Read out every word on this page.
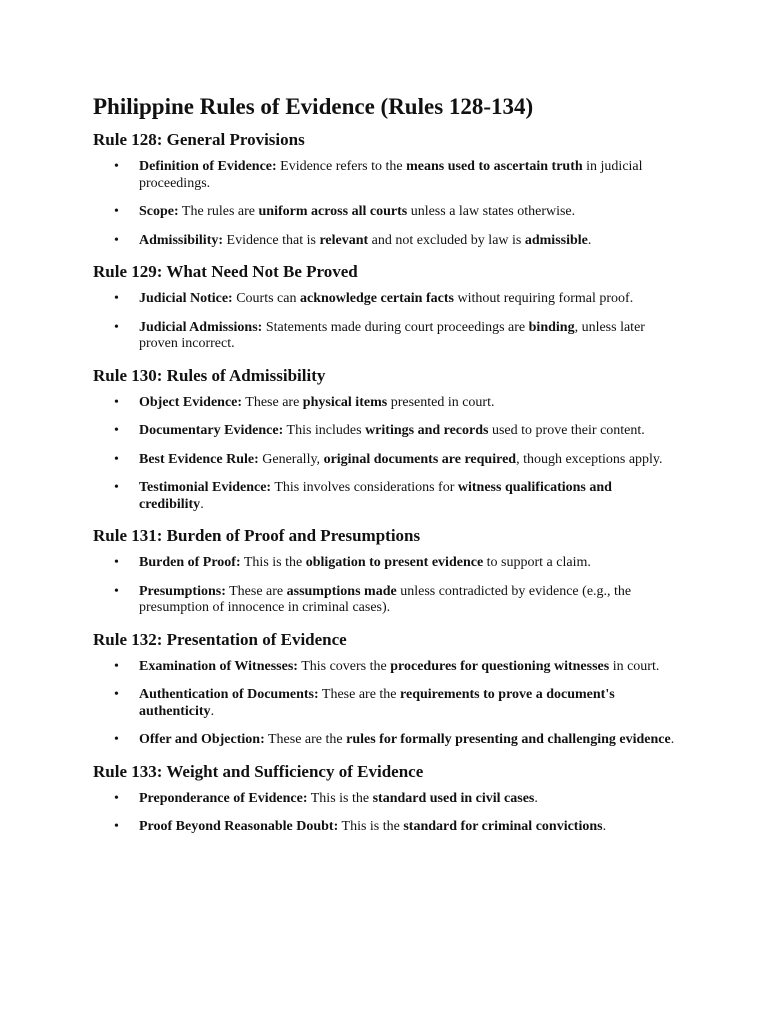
Philippine Rules of Evidence (Rules 128-134)
Rule 128: General Provisions
• Definition of Evidence: Evidence refers to the means used to ascertain truth in judicial proceedings.
• Scope: The rules are uniform across all courts unless a law states otherwise.
• Admissibility: Evidence that is relevant and not excluded by law is admissible.
Rule 129: What Need Not Be Proved
• Judicial Notice: Courts can acknowledge certain facts without requiring formal proof.
• Judicial Admissions: Statements made during court proceedings are binding, unless later proven incorrect.
Rule 130: Rules of Admissibility
• Object Evidence: These are physical items presented in court.
• Documentary Evidence: This includes writings and records used to prove their content.
• Best Evidence Rule: Generally, original documents are required, though exceptions apply.
• Testimonial Evidence: This involves considerations for witness qualifications and credibility.
Rule 131: Burden of Proof and Presumptions
• Burden of Proof: This is the obligation to present evidence to support a claim.
• Presumptions: These are assumptions made unless contradicted by evidence (e.g., the presumption of innocence in criminal cases).
Rule 132: Presentation of Evidence
• Examination of Witnesses: This covers the procedures for questioning witnesses in court.
• Authentication of Documents: These are the requirements to prove a document's authenticity.
• Offer and Objection: These are the rules for formally presenting and challenging evidence.
Rule 133: Weight and Sufficiency of Evidence
• Preponderance of Evidence: This is the standard used in civil cases.
• Proof Beyond Reasonable Doubt: This is the standard for criminal convictions.
